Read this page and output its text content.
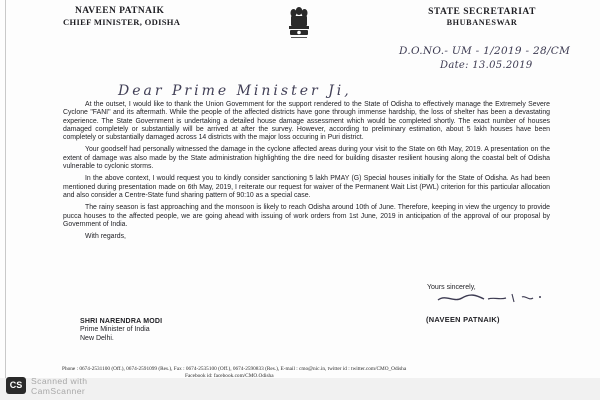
NAVEEN PATNAIK
CHIEF MINISTER, ODISHA
STATE SECRETARIAT
BHUBANESWAR
D.O.NO.- UM - 1/2019 - 28/CM
Date: 13.05.2019
Dear Prime Minister Ji,

At the outset, I would like to thank the Union Government for the support rendered to the State of Odisha to effectively manage the Extremely Severe Cyclone "FANI" and its aftermath. While the people of the affected districts have gone through immense hardship, the loss of shelter has been a devastating experience. The State Government is undertaking a detailed house damage assessment which would be completed shortly. The exact number of houses damaged completely or substantially will be arrived at after the survey. However, according to preliminary estimation, about 5 lakh houses have been completely or substantially damaged across 14 districts with the major loss occuring in Puri district.

Your goodself had personally witnessed the damage in the cyclone affected areas during your visit to the State on 6th May, 2019. A presentation on the extent of damage was also made by the State administration highlighting the dire need for building disaster resilient housing along the coastal belt of Odisha vulnerable to cyclonic storms.

In the above context, I would request you to kindly consider sanctioning 5 lakh PMAY (G) Special houses initially for the State of Odisha. As had been mentioned during presentation made on 6th May, 2019, I reiterate our request for waiver of the Permanent Wait List (PWL) criterion for this particular allocation and also consider a Centre-State fund sharing pattern of 90:10 as a special case.

The rainy season is fast approaching and the monsoon is likely to reach Odisha around 10th of June. Therefore, keeping in view the urgency to provide pucca houses to the affected people, we are going ahead with issuing of work orders from 1st June, 2019 in anticipation of the approval of our proposal by Government of India.

With regards,

Yours sincerely,
(NAVEEN PATNAIK)
SHRI NARENDRA MODI
Prime Minister of India
New Delhi.
Phone : 0674-2531100 (Off.), 0674-2591099 (Res.), Fax : 0674-2535100 (Off.), 0674-2590833 (Res.), E-mail : cmo@nic.in, twitter id : twitter.com/CMO_Odisha
Facebook id: facebook.com/CMO.Odisha
CS	Scanned with
CamScanner
